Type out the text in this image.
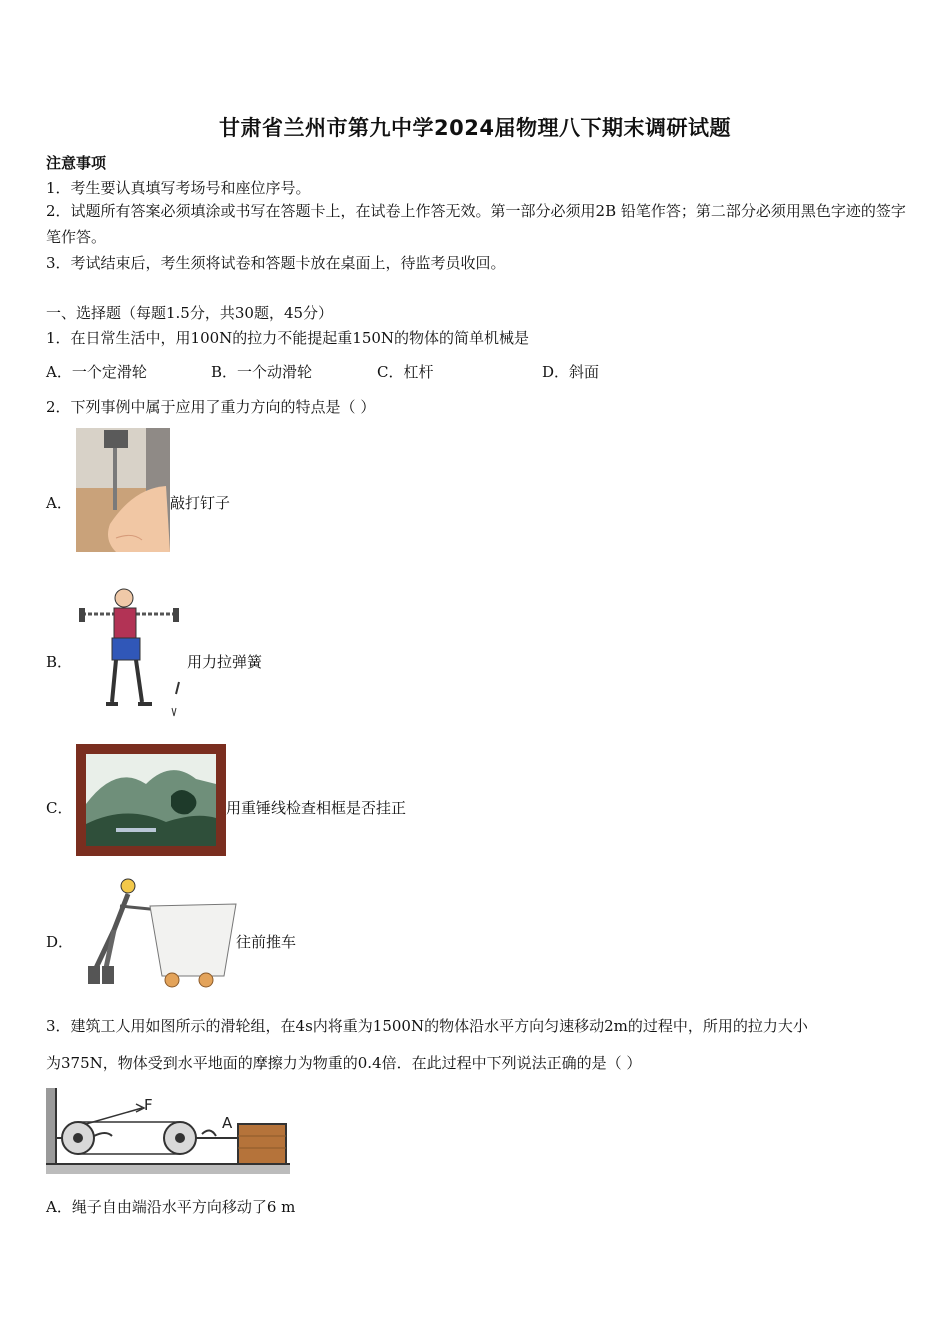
甘肃省兰州市第九中学2024届物理八下期末调研试题
注意事项
1．考生要认真填写考场号和座位序号。
2．试题所有答案必须填涂或书写在答题卡上，在试卷上作答无效。第一部分必须用2B 铅笔作答；第二部分必须用黑色字迹的签字笔作答。
3．考试结束后，考生须将试卷和答题卡放在桌面上，待监考员收回。
一、选择题（每题1.5分，共30题，45分）
1．在日常生活中，用100N的拉力不能提起重150N的物体的简单机械是
A．一个定滑轮	B．一个动滑轮	C．杠杆	D．斜面
2．下列事例中属于应用了重力方向的特点是（ ）
A．	敲打钉子
B．	用力拉弹簧
C．	用重锤线检查相框是否挂正
D．	往前推车
3．建筑工人用如图所示的滑轮组，在4s内将重为1500N的物体沿水平方向匀速移动2m的过程中，所用的拉力大小
为375N，物体受到水平地面的摩擦力为物重的0.4倍．在此过程中下列说法正确的是（ ）
F
A
A．绳子自由端沿水平方向移动了6 m
